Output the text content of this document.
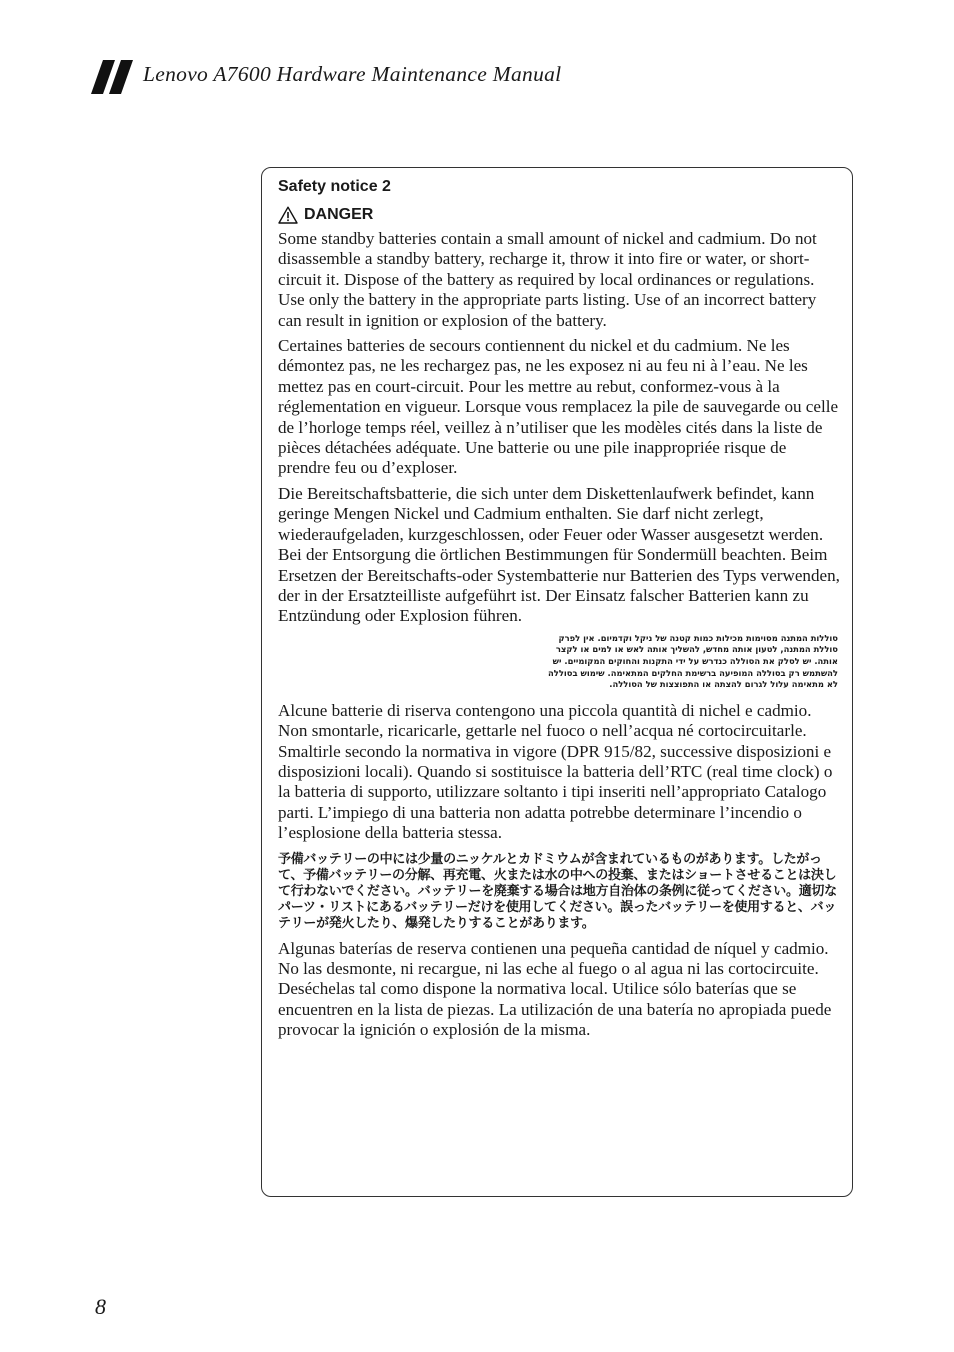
Lenovo A7600 Hardware Maintenance Manual
Safety notice 2
DANGER

Some standby batteries contain a small amount of nickel and cadmium. Do not disassemble a standby battery, recharge it, throw it into fire or water, or short-circuit it. Dispose of the battery as required by local ordinances or regulations. Use only the battery in the appropriate parts listing. Use of an incorrect battery can result in ignition or explosion of the battery.

Certaines batteries de secours contiennent du nickel et du cadmium. Ne les démontez pas, ne les rechargez pas, ne les exposez ni au feu ni à l’eau. Ne les mettez pas en court-circuit. Pour les mettre au rebut, conformez-vous à la réglementation en vigueur. Lorsque vous remplacez la pile de sauvegarde ou celle de l’horloge temps réel, veillez à n’utiliser que les modèles cités dans la liste de pièces détachées adéquate. Une batterie ou une pile inappropriée risque de prendre feu ou d’exploser.

Die Bereitschaftsbatterie, die sich unter dem Diskettenlaufwerk befindet, kann geringe Mengen Nickel und Cadmium enthalten. Sie darf nicht zerlegt, wiederaufgeladen, kurzgeschlossen, oder Feuer oder Wasser ausgesetzt werden. Bei der Entsorgung die örtlichen Bestimmungen für Sondermüll beachten. Beim Ersetzen der Bereitschafts-oder Systembatterie nur Batterien des Typs verwenden, der in der Ersatzteilliste aufgeführt ist. Der Einsatz falscher Batterien kann zu Entzündung oder Explosion führen.

סוללות המתנה מסוימות מכילות כמות קטנה של ניקל וקדמיום. אין לפרק סוללת המתנה, לטעון אותה מחדש, להשליך אותה לאש או למים או לקצר אותה. יש לסלק את הסוללה כנדרש על ידי התקנות והחוקים המקומיים. יש להשתמש רק בסוללה המופיעה ברשימת החלקים המתאימה. שימוש בסוללה לא מתאימה עלול לגרום להצתה או התפוצצות של הסוללה.

Alcune batterie di riserva contengono una piccola quantità di nichel e cadmio. Non smontarle, ricaricarle, gettarle nel fuoco o nell’acqua né cortocircuitarle. Smaltirle secondo la normativa in vigore (DPR 915/82, successive disposizioni e disposizioni locali). Quando si sostituisce la batteria dell’RTC (real time clock) o la batteria di supporto, utilizzare soltanto i tipi inseriti nell’appropriato Catalogo parti. L’impiego di una batteria non adatta potrebbe determinare l’incendio o l’esplosione della batteria stessa.

予備バッテリーの中には少量のニッケルとカドミウムが含まれているものがあります。したがって、予備バッテリーの分解、再充電、火または水の中への投棄、またはショートさせることは決して行わないでください。バッテリーを廃棄する場合は地方自治体の条例に従ってください。適切なパーツ・リストにあるバッテリーだけを使用してください。誤ったバッテリーを使用すると、バッテリーが発火したり、爆発したりすることがあります。

Algunas baterías de reserva contienen una pequeña cantidad de níquel y cadmio. No las desmonte, ni recargue, ni las eche al fuego o al agua ni las cortocircuite. Deséchelas tal como dispone la normativa local. Utilice sólo baterías que se encuentren en la lista de piezas. La utilización de una batería no apropiada puede provocar la ignición o explosión de la misma.

8
